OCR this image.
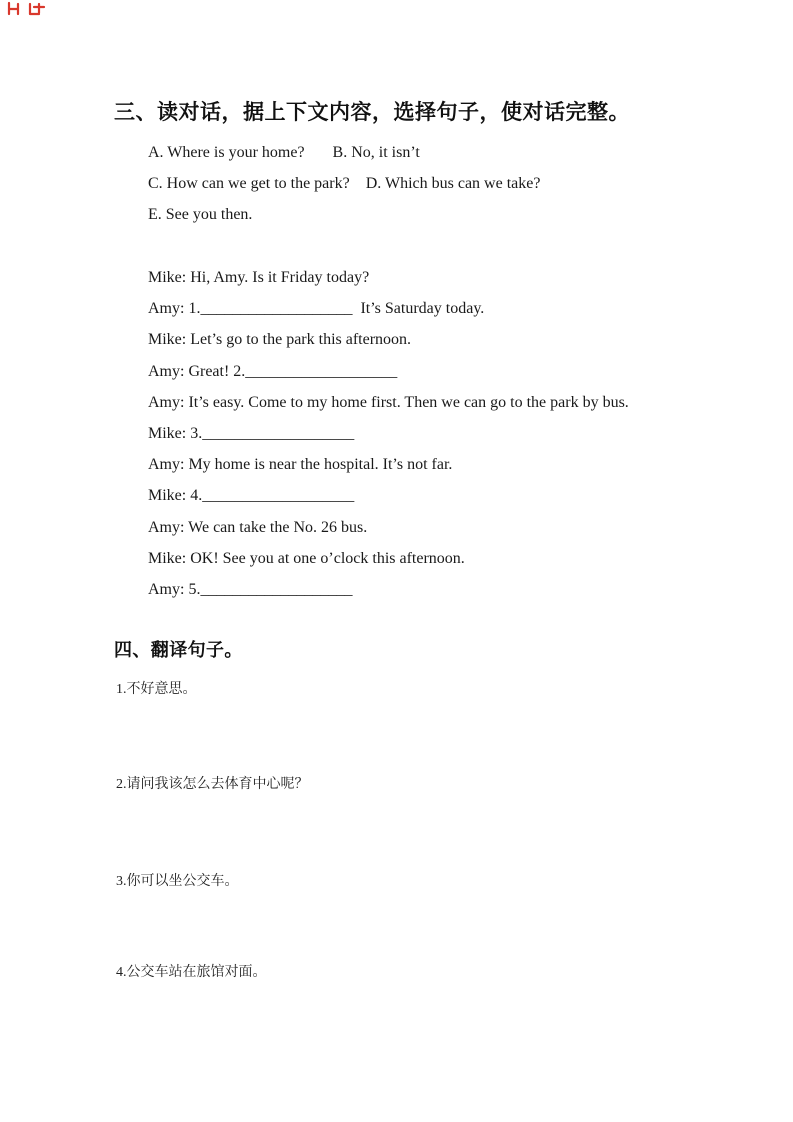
三、读对话，据上下文内容，选择句子，使对话完整。

A. Where is your home?       B. No, it isn’t

C. How can we get to the park?    D. Which bus can we take?

E. See you then.

Mike: Hi, Amy. Is it Friday today?

Amy: 1.___________________  It’s Saturday today.

Mike: Let’s go to the park this afternoon.

Amy: Great! 2.___________________

Amy: It’s easy. Come to my home first. Then we can go to the park by bus.

Mike: 3.___________________

Amy: My home is near the hospital. It’s not far.

Mike: 4.___________________

Amy: We can take the No. 26 bus.

Mike: OK! See you at one o’clock this afternoon.

Amy: 5.___________________

四、翻译句子。
1.不好意思。
2.请问我该怎么去体育中心呢？
3.你可以坐公交车。
4.公交车站在旅馆对面。
